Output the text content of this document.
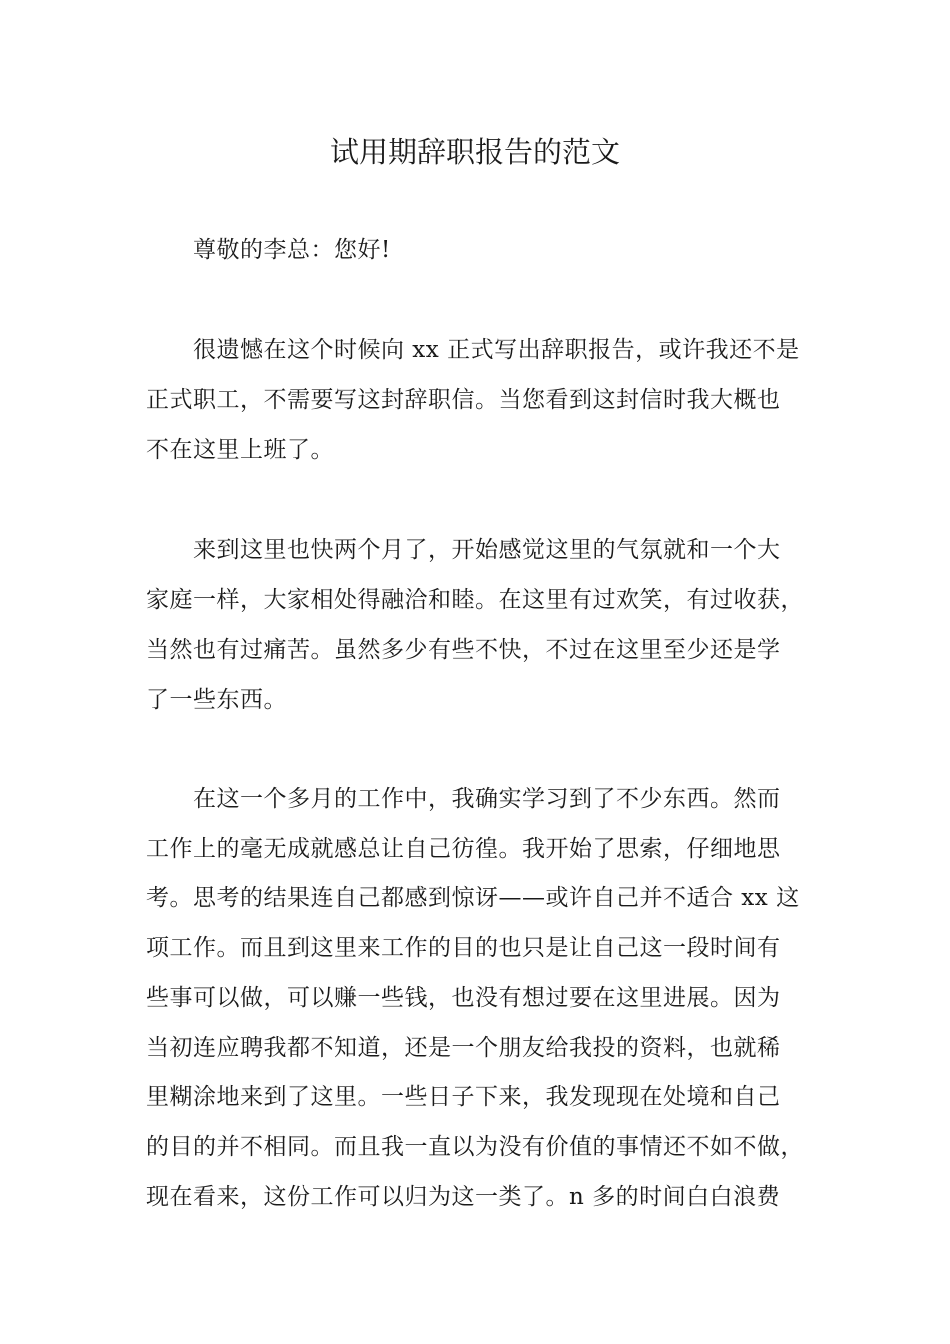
试用期辞职报告的范文

尊敬的李总：您好!

很遗憾在这个时候向 xx 正式写出辞职报告，或许我还不是

正式职工，不需要写这封辞职信。当您看到这封信时我大概也

不在这里上班了。

来到这里也快两个月了，开始感觉这里的气氛就和一个大

家庭一样，大家相处得融洽和睦。在这里有过欢笑，有过收获，

当然也有过痛苦。虽然多少有些不快，不过在这里至少还是学

了一些东西。

在这一个多月的工作中，我确实学习到了不少东西。然而

工作上的毫无成就感总让自己彷徨。我开始了思索，仔细地思

考。思考的结果连自己都感到惊讶——或许自己并不适合 xx 这

项工作。而且到这里来工作的目的也只是让自己这一段时间有

些事可以做，可以赚一些钱，也没有想过要在这里进展。因为

当初连应聘我都不知道，还是一个朋友给我投的资料，也就稀

里糊涂地来到了这里。一些日子下来，我发现现在处境和自己

的目的并不相同。而且我一直以为没有价值的事情还不如不做，

现在看来，这份工作可以归为这一类了。n 多的时间白白浪费
